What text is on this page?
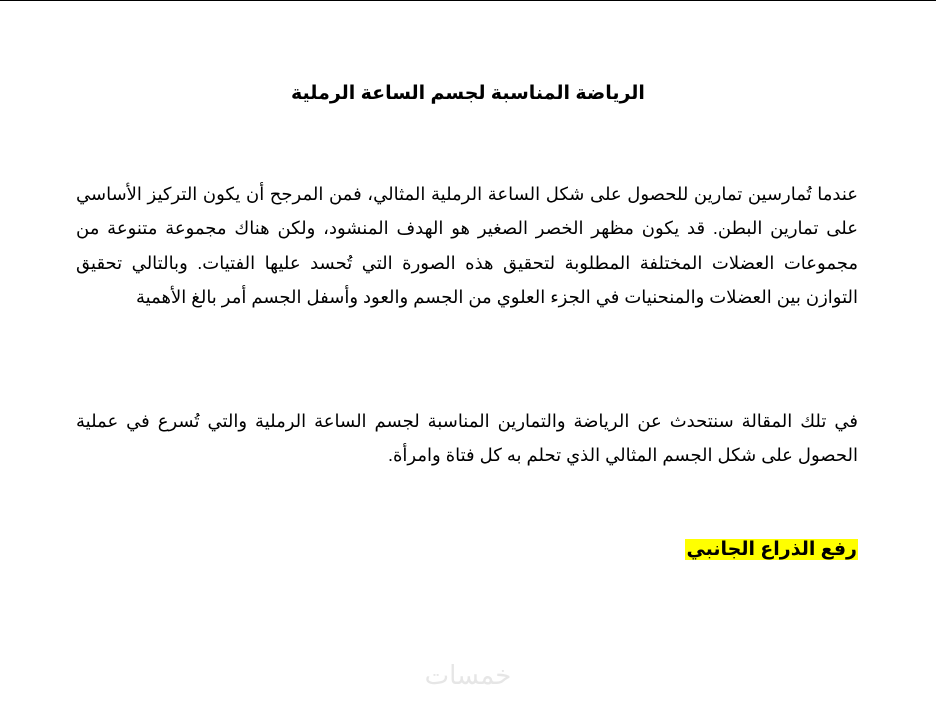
الرياضة المناسبة لجسم الساعة الرملية
عندما تُمارسين تمارين للحصول على شكل الساعة الرملية المثالي، فمن المرجح أن يكون التركيز الأساسي على تمارين البطن. قد يكون مظهر الخصر الصغير هو الهدف المنشود، ولكن هناك مجموعة متنوعة من مجموعات العضلات المختلفة المطلوبة لتحقيق هذه الصورة التي تُحسد عليها الفتيات. وبالتالي تحقيق التوازن بين العضلات والمنحنيات في الجزء العلوي من الجسم والعود وأسفل الجسم أمر بالغ الأهمية
في تلك المقالة سنتحدث عن الرياضة والتمارين المناسبة لجسم الساعة الرملية والتي تُسرع في عملية الحصول على شكل الجسم المثالي الذي تحلم به كل فتاة وامرأة.
رفع الذراع الجانبي
خمسات
